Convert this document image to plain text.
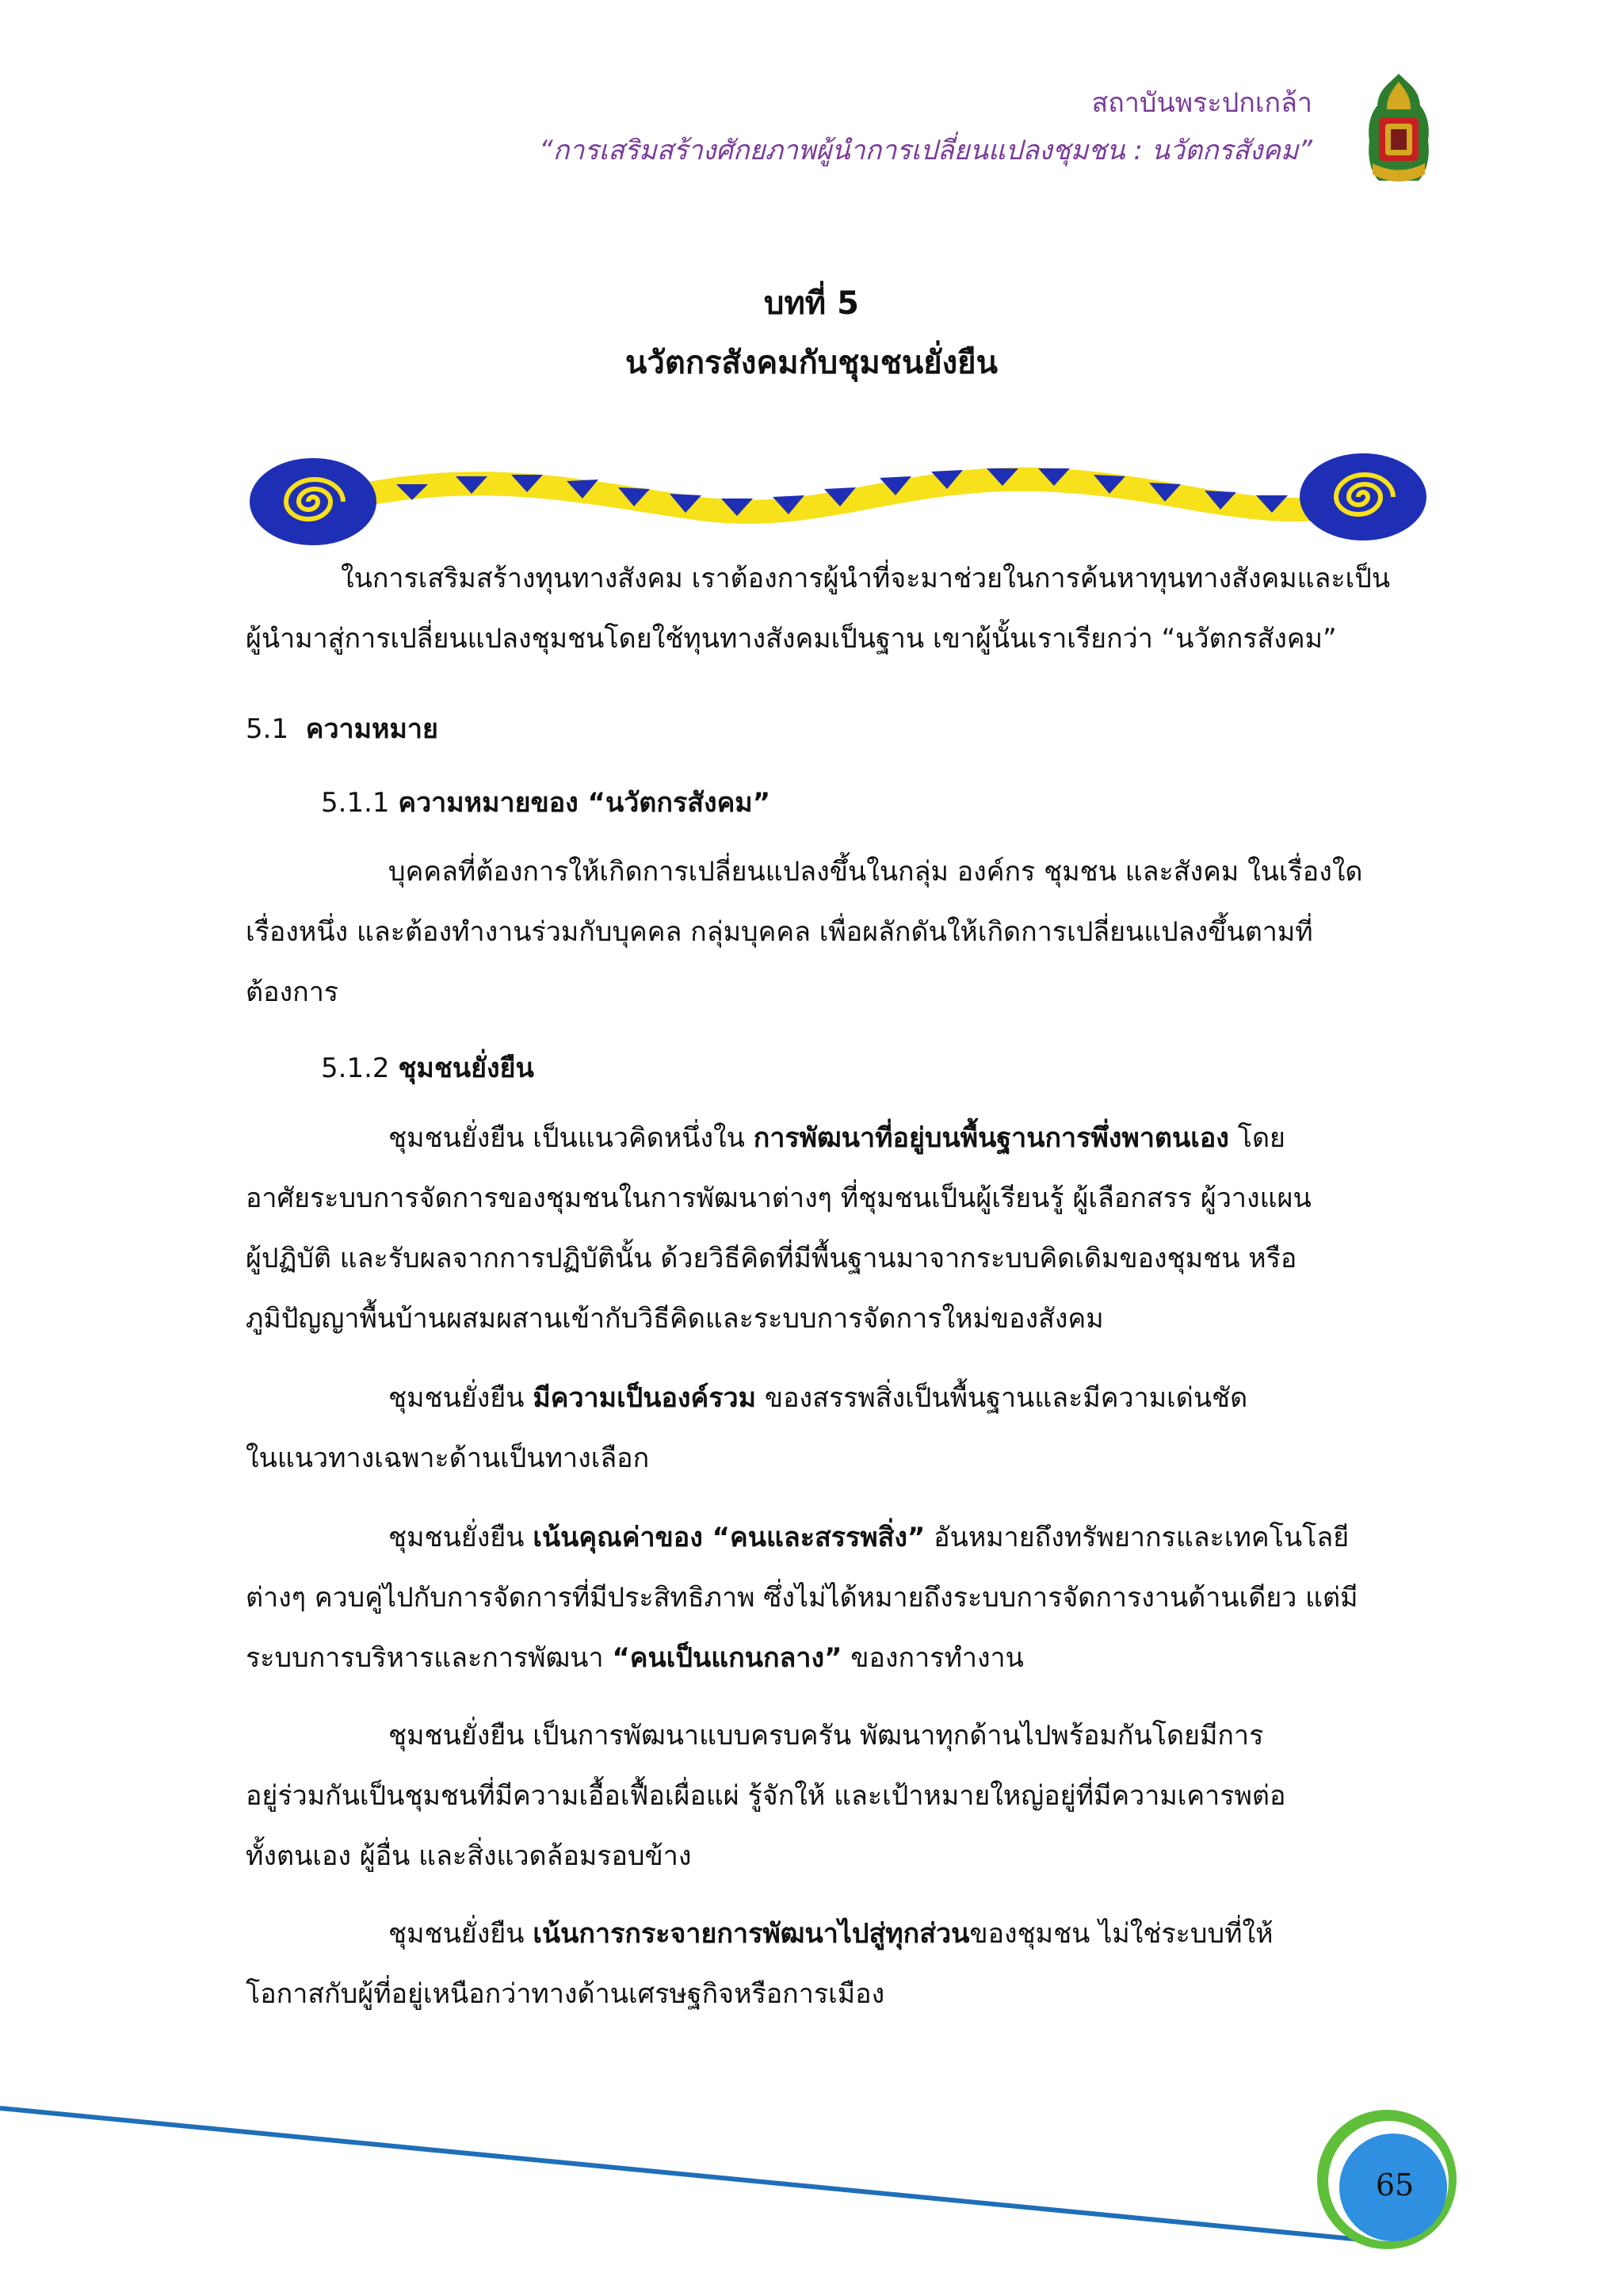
สถาบันพระปกเกล้า
“การเสริมสร้างศักยภาพผู้นำการเปลี่ยนแปลงชุมชน : นวัตกรสังคม”
บทที่ 5
นวัตกรสังคมกับชุมชนยั่งยืน
ในการเสริมสร้างทุนทางสังคม เราต้องการผู้นำที่จะมาช่วยในการค้นหาทุนทางสังคมและเป็น
ผู้นำมาสู่การเปลี่ยนแปลงชุมชนโดยใช้ทุนทางสังคมเป็นฐาน เขาผู้นั้นเราเรียกว่า “นวัตกรสังคม”
5.1 ความหมาย
5.1.1 ความหมายของ “นวัตกรสังคม”
บุคคลที่ต้องการให้เกิดการเปลี่ยนแปลงขึ้นในกลุ่ม องค์กร ชุมชน และสังคม ในเรื่องใด
เรื่องหนึ่ง และต้องทำงานร่วมกับบุคคล กลุ่มบุคคล เพื่อผลักดันให้เกิดการเปลี่ยนแปลงขึ้นตามที่
ต้องการ
5.1.2 ชุมชนยั่งยืน
ชุมชนยั่งยืน เป็นแนวคิดหนึ่งใน การพัฒนาที่อยู่บนพื้นฐานการพึ่งพาตนเอง โดย
อาศัยระบบการจัดการของชุมชนในการพัฒนาต่างๆ ที่ชุมชนเป็นผู้เรียนรู้ ผู้เลือกสรร ผู้วางแผน
ผู้ปฏิบัติ และรับผลจากการปฏิบัตินั้น ด้วยวิธีคิดที่มีพื้นฐานมาจากระบบคิดเดิมของชุมชน หรือ
ภูมิปัญญาพื้นบ้านผสมผสานเข้ากับวิธีคิดและระบบการจัดการใหม่ของสังคม
ชุมชนยั่งยืน มีความเป็นองค์รวม ของสรรพสิ่งเป็นพื้นฐานและมีความเด่นชัด
ในแนวทางเฉพาะด้านเป็นทางเลือก
ชุมชนยั่งยืน เน้นคุณค่าของ “คนและสรรพสิ่ง” อันหมายถึงทรัพยากรและเทคโนโลยี
ต่างๆ ควบคู่ไปกับการจัดการที่มีประสิทธิภาพ ซึ่งไม่ได้หมายถึงระบบการจัดการงานด้านเดียว แต่มี
ระบบการบริหารและการพัฒนา “คนเป็นแกนกลาง” ของการทำงาน
ชุมชนยั่งยืน เป็นการพัฒนาแบบครบครัน พัฒนาทุกด้านไปพร้อมกันโดยมีการ
อยู่ร่วมกันเป็นชุมชนที่มีความเอื้อเฟื้อเผื่อแผ่ รู้จักให้ และเป้าหมายใหญ่อยู่ที่มีความเคารพต่อ
ทั้งตนเอง ผู้อื่น และสิ่งแวดล้อมรอบข้าง
ชุมชนยั่งยืน เน้นการกระจายการพัฒนาไปสู่ทุกส่วนของชุมชน ไม่ใช่ระบบที่ให้
โอกาสกับผู้ที่อยู่เหนือกว่าทางด้านเศรษฐกิจหรือการเมือง
65
